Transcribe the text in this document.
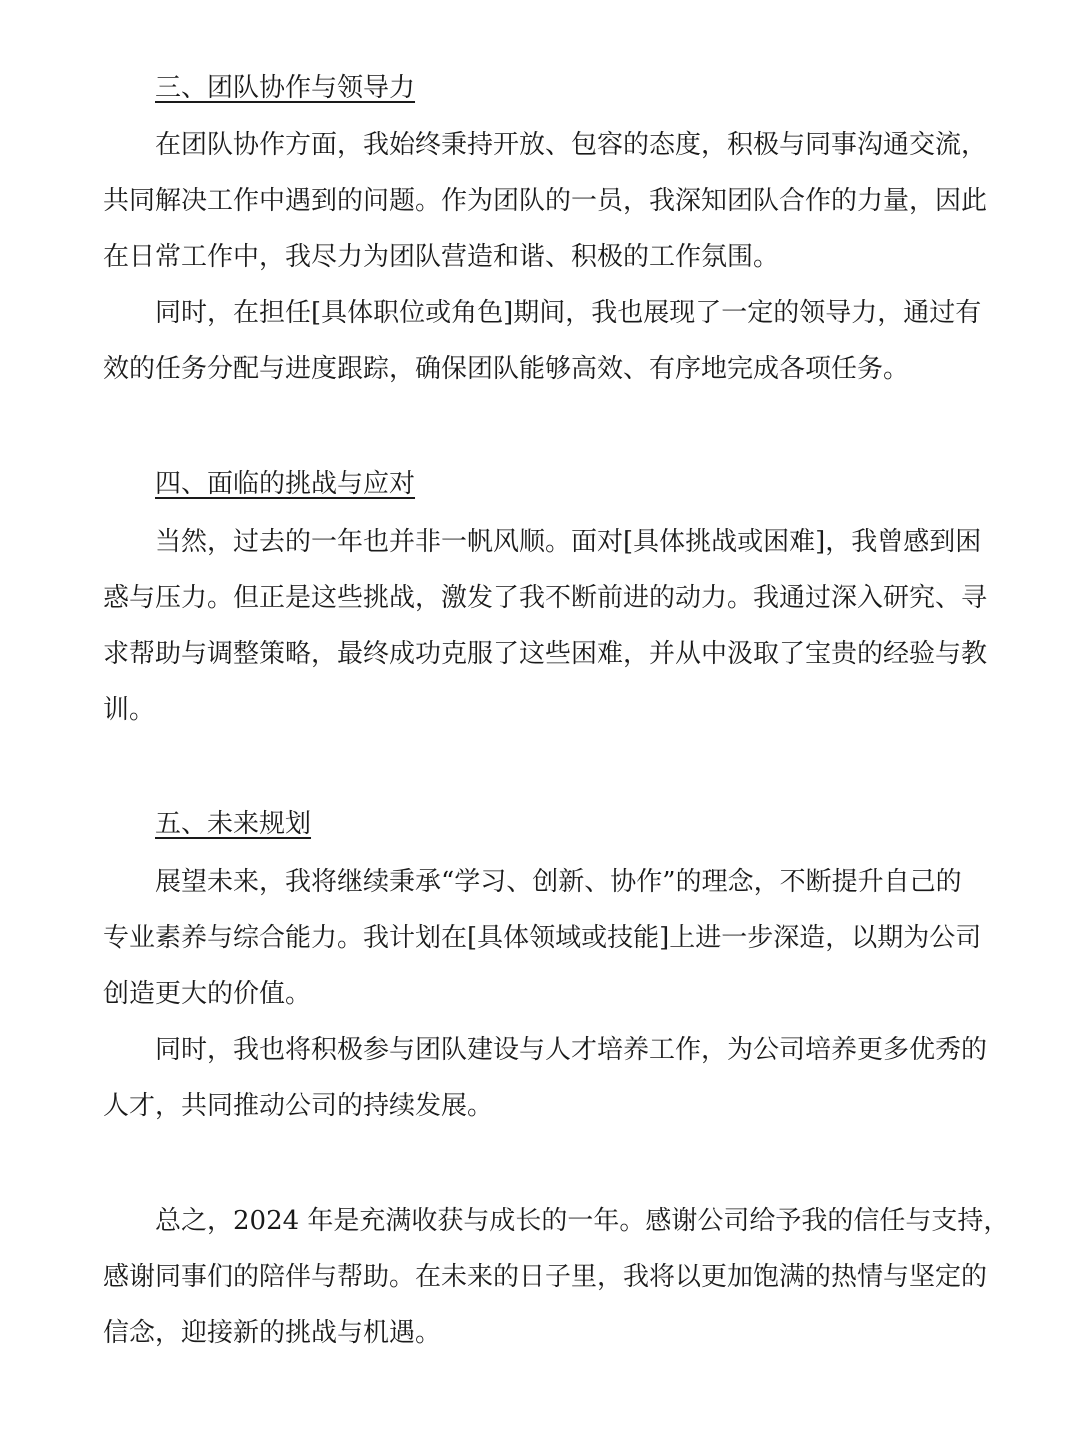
三、团队协作与领导力

在团队协作方面，我始终秉持开放、包容的态度，积极与同事沟通交流，

共同解决工作中遇到的问题。作为团队的一员，我深知团队合作的力量，因此

在日常工作中，我尽力为团队营造和谐、积极的工作氛围。

同时，在担任[具体职位或角色]期间，我也展现了一定的领导力，通过有

效的任务分配与进度跟踪，确保团队能够高效、有序地完成各项任务。

四、面临的挑战与应对

当然，过去的一年也并非一帆风顺。面对[具体挑战或困难]，我曾感到困

惑与压力。但正是这些挑战，激发了我不断前进的动力。我通过深入研究、寻

求帮助与调整策略，最终成功克服了这些困难，并从中汲取了宝贵的经验与教

训。

五、未来规划

展望未来，我将继续秉承“学习、创新、协作”的理念，不断提升自己的

专业素养与综合能力。我计划在[具体领域或技能]上进一步深造，以期为公司

创造更大的价值。

同时，我也将积极参与团队建设与人才培养工作，为公司培养更多优秀的

人才，共同推动公司的持续发展。

总之，2024 年是充满收获与成长的一年。感谢公司给予我的信任与支持，

感谢同事们的陪伴与帮助。在未来的日子里，我将以更加饱满的热情与坚定的

信念，迎接新的挑战与机遇。
